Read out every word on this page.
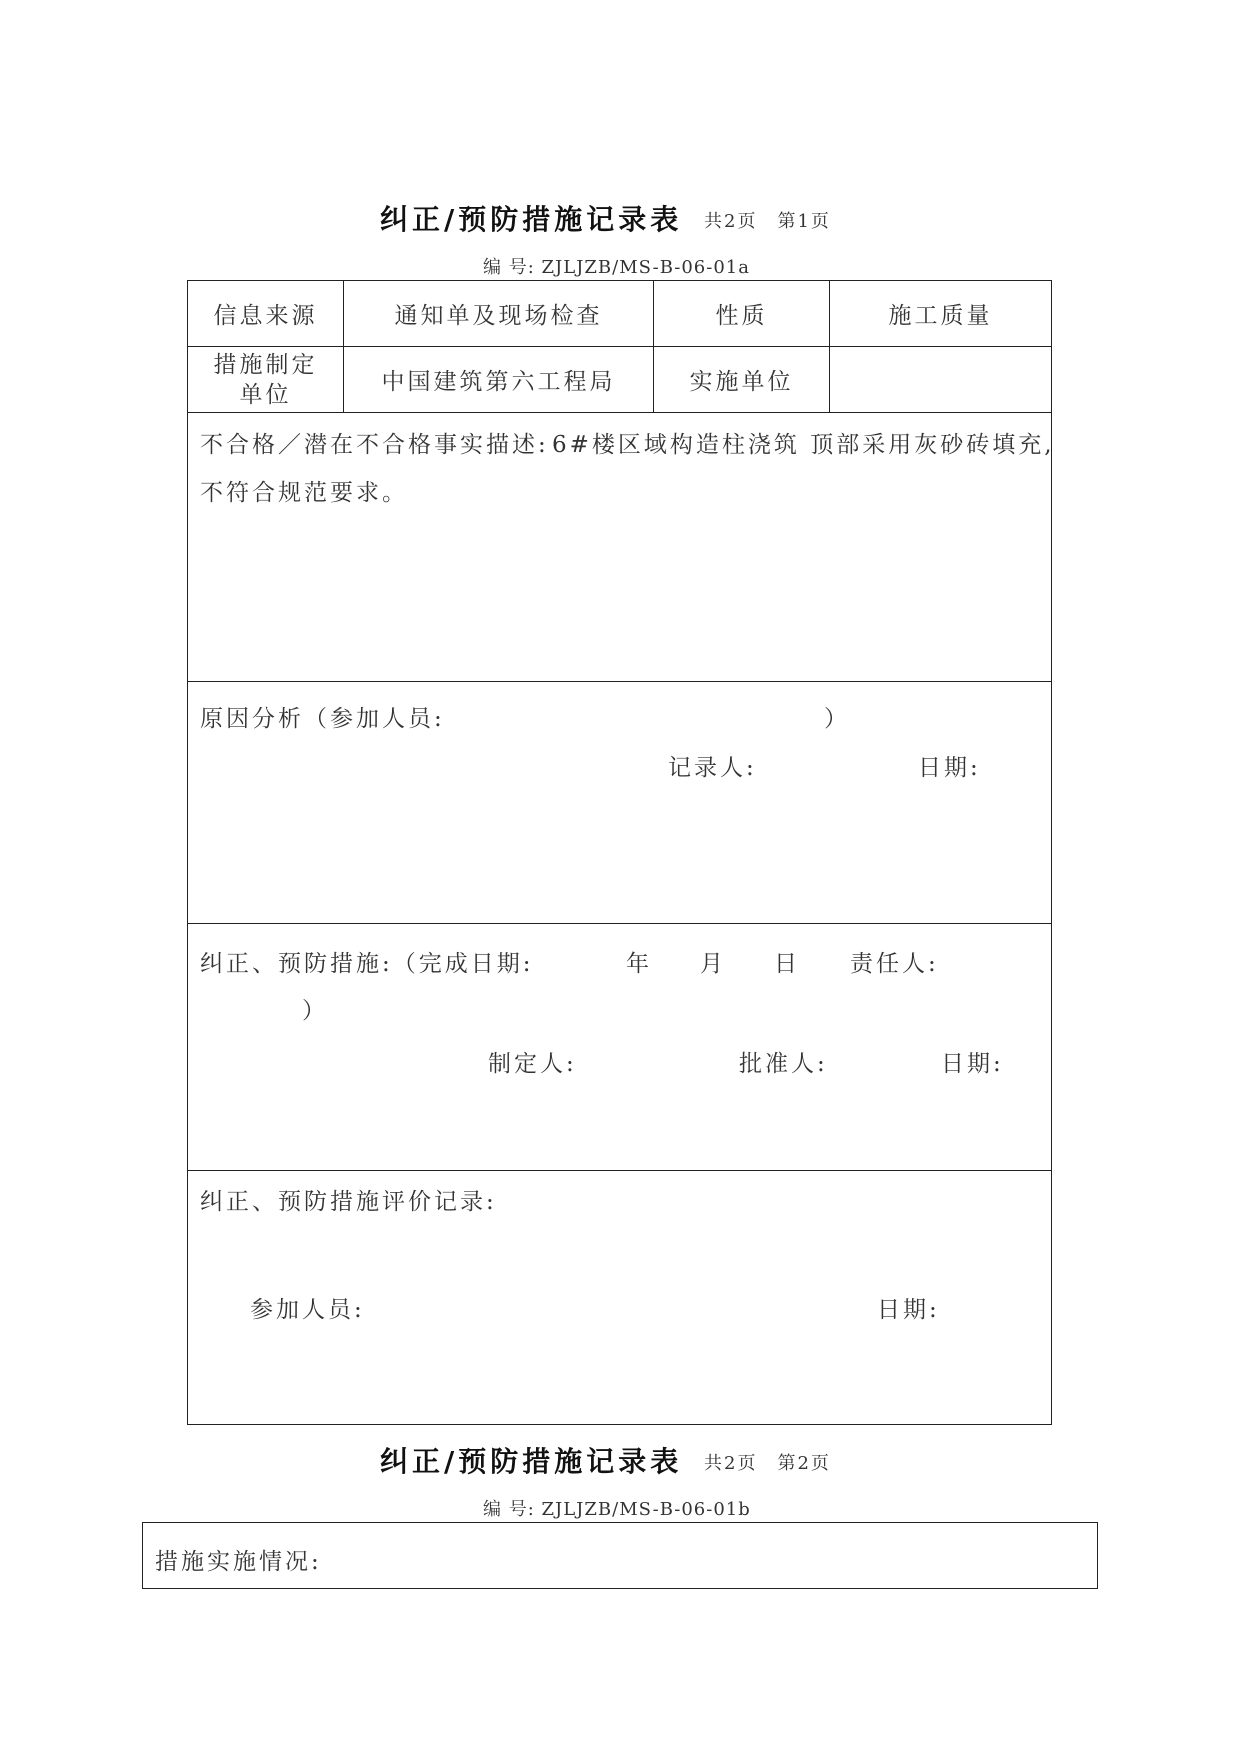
纠正/预防措施记录表 共2页　第1页
编 号: ZJLJZB/MS-B-06-01a
信息来源	通知单及现场检查	性质	施工质量
措施制定单位	中国建筑第六工程局	实施单位
不合格／潜在不合格事实描述: 6#楼区域构造柱浇筑 顶部采用灰砂砖填充,
不符合规范要求。
原因分析（参加人员:	）
记录人:	日期:
纠正、预防措施:（完成日期:	年 月 日 责任人:
）
制定人:	批准人:	日期:
纠正、预防措施评价记录:
参加人员:	日期:
纠正/预防措施记录表 共2页　第2页
编 号: ZJLJZB/MS-B-06-01b
措施实施情况:
